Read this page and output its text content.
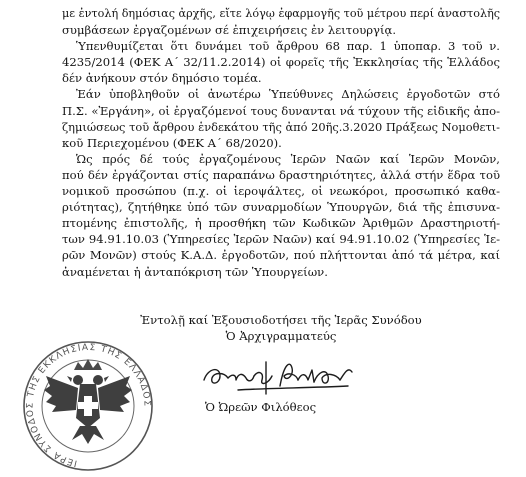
με ἐντολή δημόσιας ἀρχῆς, εἴτε λόγῳ ἐφαρμογῆς τοῦ μέτρου περί ἀναστολῆς
συμβάσεων ἐργαζομένων σέ ἐπιχειρήσεις ἐν λειτουργίᾳ.

Ὑπενθυμίζεται ὅτι δυνάμει τοῦ ἄρθρου 68 παρ. 1 ὑποπαρ. 3 τοῦ ν.
4235/2014 (ΦΕΚ Α΄ 32/11.2.2014) οἱ φορεῖς τῆς Ἐκκλησίας τῆς Ἑλλάδος
δέν ἀνήκουν στόν δημόσιο τομέα.

Ἐάν ὑποβληθοῦν οἱ ἀνωτέρω Ὑπεύθυνες Δηλώσεις ἐργοδοτῶν στό
Π.Σ. «Ἐργάνη», οἱ ἐργαζόμενοί τους δυνανται νά τύχουν τῆς εἰδικῆς ἀπο-
ζημιώσεως τοῦ ἄρθρου ἑνδεκάτου τῆς ἀπό 20ῆς.3.2020 Πράξεως Νομοθετι-
κοῦ Περιεχομένου (ΦΕΚ Α΄ 68/2020).

Ὡς πρός δέ τούς ἐργαζομένους Ἱερῶν Ναῶν καί Ἱερῶν Μονῶν,
πού δέν ἐργάζονται στίς παραπάνω δραστηριότητες, ἀλλά στήν ἕδρα τοῦ
νομικοῦ προσώπου (π.χ. οἱ ἱεροψάλτες, οἱ νεωκόροι, προσωπικό καθα-
ριότητας), ζητήθηκε ὑπό τῶν συναρμοδίων Ὑπουργῶν, διά τῆς ἐπισυνα-
πτομένης ἐπιστολῆς, ἡ προσθήκη τῶν Κωδικῶν Ἀριθμῶν Δραστηριοτή-
των 94.91.10.03 (Ὑπηρεσίες Ἱερῶν Ναῶν) καί 94.91.10.02 (Ὑπηρεσίες Ἱε-
ρῶν Μονῶν) στούς Κ.Α.Δ. ἐργοδοτῶν, πού πλήττονται ἀπό τά μέτρα, καί
ἀναμένεται ἡ ἀνταπόκριση τῶν Ὑπουργείων.

Ἐντολῇ καί Ἐξουσιοδοτήσει τῆς Ἱερᾶς Συνόδου
Ὁ Ἀρχιγραμματεύς
ΙΕΡΑ ΣΥΝΟΔΟΣ ΤΗΣ ΕΚΚΛΗΣΙΑΣ ΤΗΣ ΕΛΛΑΔΟΣ	Ὁ Ὠρεῶν Φιλόθεος
